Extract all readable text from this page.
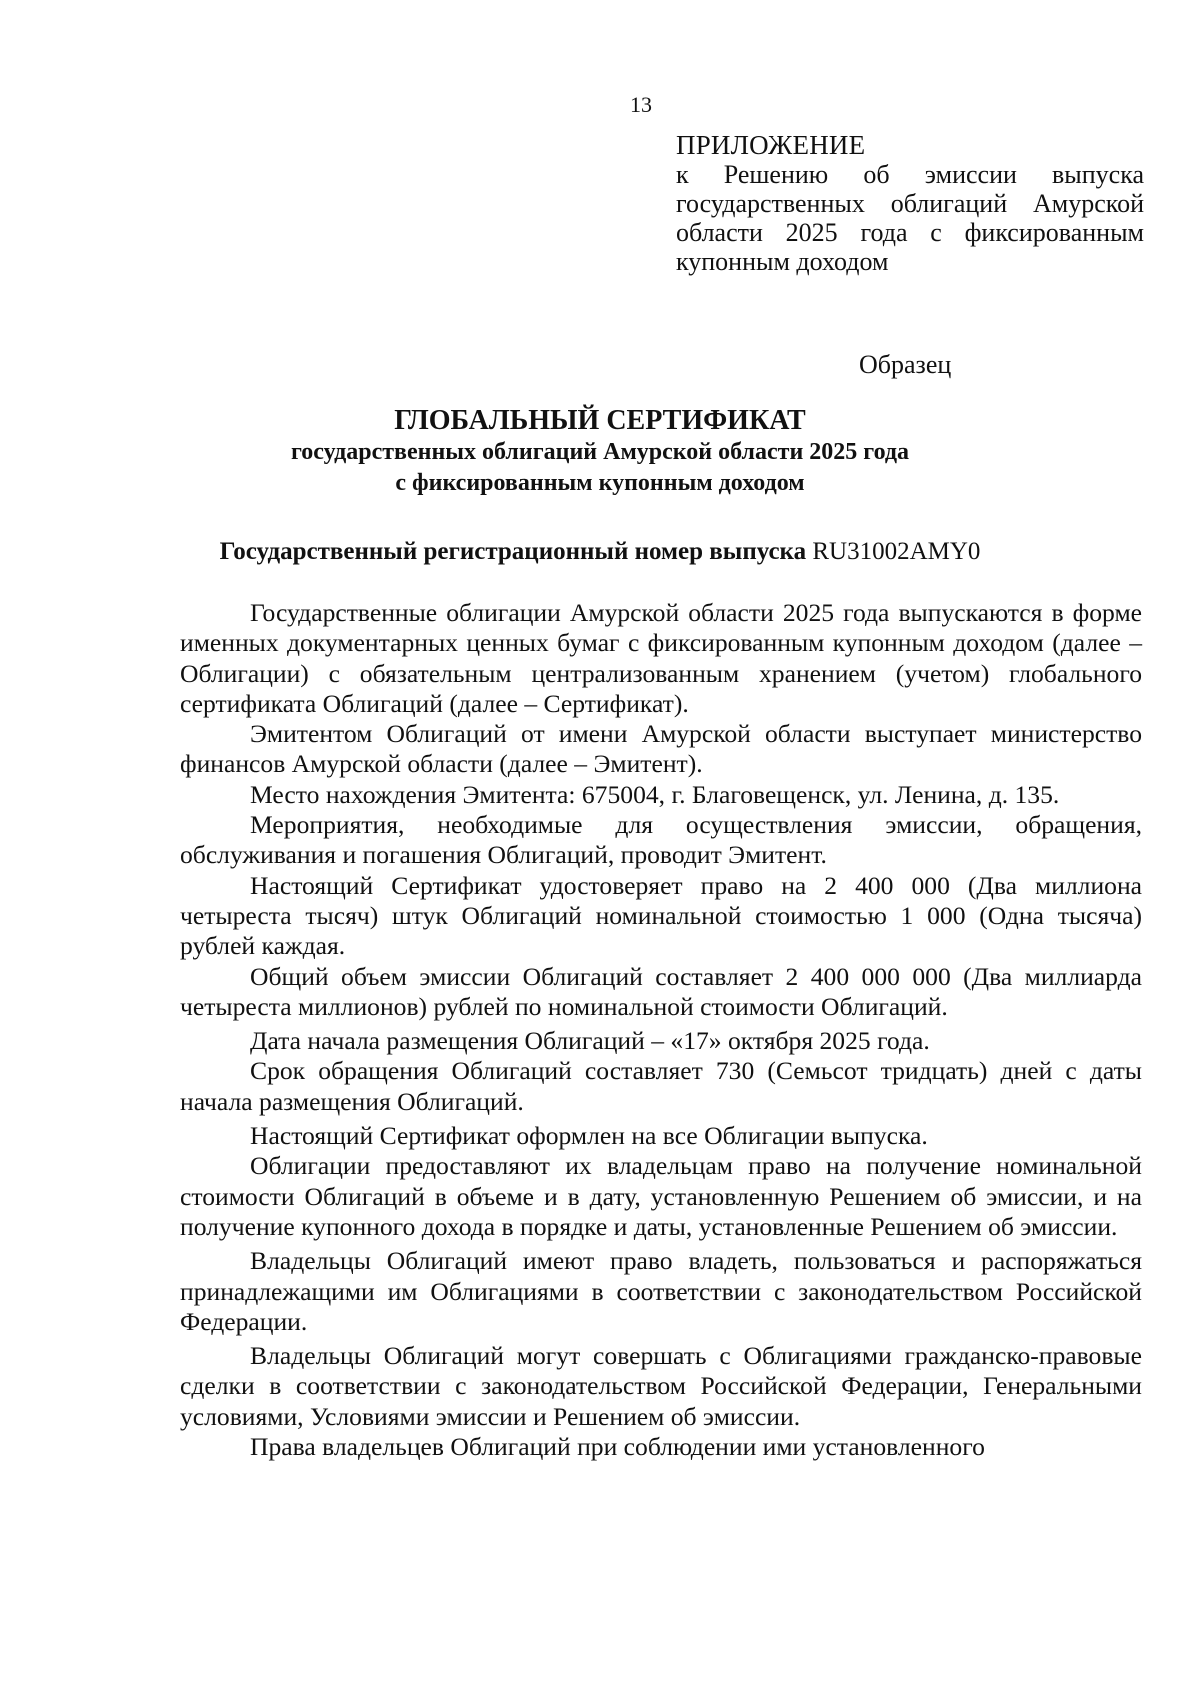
13
ПРИЛОЖЕНИЕ
к Решению об эмиссии выпуска государственных облигаций Амурской области 2025 года с фиксированным купонным доходом
Образец
ГЛОБАЛЬНЫЙ СЕРТИФИКАТ
государственных облигаций Амурской области 2025 года
с фиксированным купонным доходом
Государственный регистрационный номер выпуска RU31002AMY0

Государственные облигации Амурской области 2025 года выпускаются в форме именных документарных ценных бумаг с фиксированным купонным доходом (далее – Облигации) с обязательным централизованным хранением (учетом) глобального сертификата Облигаций (далее – Сертификат).

Эмитентом Облигаций от имени Амурской области выступает министерство финансов Амурской области (далее – Эмитент).

Место нахождения Эмитента: 675004, г. Благовещенск, ул. Ленина, д. 135.

Мероприятия, необходимые для осуществления эмиссии, обращения, обслуживания и погашения Облигаций, проводит Эмитент.

Настоящий Сертификат удостоверяет право на 2 400 000 (Два миллиона четыреста тысяч) штук Облигаций номинальной стоимостью 1 000 (Одна тысяча) рублей каждая.

Общий объем эмиссии Облигаций составляет 2 400 000 000 (Два миллиарда четыреста миллионов) рублей по номинальной стоимости Облигаций.

Дата начала размещения Облигаций – «17» октября 2025 года.

Срок обращения Облигаций составляет 730 (Семьсот тридцать) дней с даты начала размещения Облигаций.

Настоящий Сертификат оформлен на все Облигации выпуска.

Облигации предоставляют их владельцам право на получение номинальной стоимости Облигаций в объеме и в дату, установленную Решением об эмиссии, и на получение купонного дохода в порядке и даты, установленные Решением об эмиссии.

Владельцы Облигаций имеют право владеть, пользоваться и распоряжаться принадлежащими им Облигациями в соответствии с законодательством Российской Федерации.

Владельцы Облигаций могут совершать с Облигациями гражданско-правовые сделки в соответствии с законодательством Российской Федерации, Генеральными условиями, Условиями эмиссии и Решением об эмиссии.

Права владельцев Облигаций при соблюдении ими установленного
